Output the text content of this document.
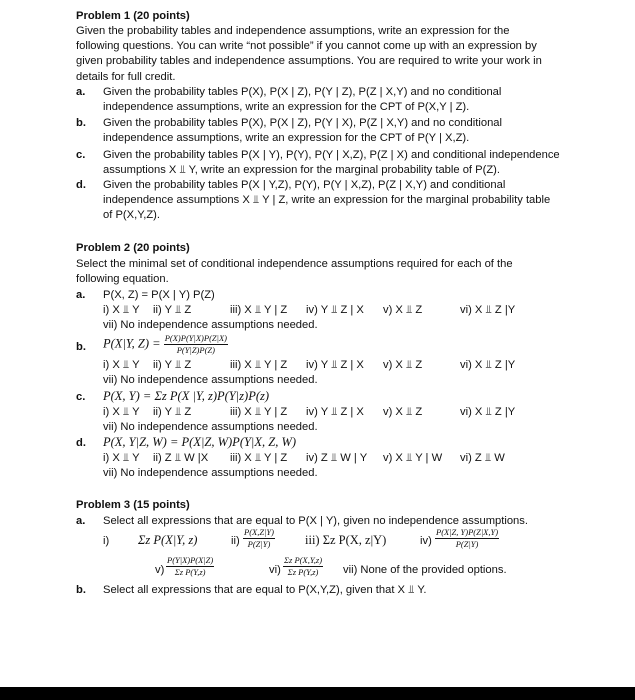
Problem 1 (20 points)
Given the probability tables and independence assumptions, write an expression for the
following questions. You can write “not possible” if you cannot come up with an expression by
given probability tables and independence assumptions. You are required to write your work in
details for full credit.
a. Given the probability tables P(X), P(X | Z), P(Y | Z), P(Z | X,Y) and no conditional
independence assumptions, write an expression for the CPT of P(X,Y | Z).
b. Given the probability tables P(X), P(X | Z), P(Y | X), P(Z | X,Y) and no conditional
independence assumptions, write an expression for the CPT of P(Y | X,Z).
c. Given the probability tables P(X | Y), P(Y), P(Y | X,Z), P(Z | X) and conditional independence
assumptions X ⫫ Y, write an expression for the marginal probability table of P(Z).
d. Given the probability tables P(X | Y,Z), P(Y), P(Y | X,Z), P(Z | X,Y) and conditional
independence assumptions X ⫫ Y | Z, write an expression for the marginal probability table
of P(X,Y,Z).
Problem 2 (20 points)
Select the minimal set of conditional independence assumptions required for each of the
following equation.
a. P(X, Z) = P(X | Y) P(Z)
i) X ⫫ Y ii) Y ⫫ Z	iii) X ⫫ Y | Z iv) Y ⫫ Z | X v) X ⫫ Z	vi) X ⫫ Z |Y
vii) No independence assumptions needed.
b. P(X|Y, $Z) = \frac{P(X)P(Y|X)P(Z|X)}{P(Y|Z)P(Z)}$
i) X ⫫ Y ii) Y ⫫ Z	iii) X ⫫ Y | Z iv) Y ⫫ Z | X v) X ⫫ Z	vi) X ⫫ Z |Y
vii) No independence assumptions needed.
c. P(X, Y) = Σz P(X |Y, z)P(Y|z)P(z)
i) X ⫫ Y ii) Y ⫫ Z	iii) X ⫫ Y | Z iv) Y ⫫ Z | X v) X ⫫ Z	vi) X ⫫ Z |Y
vii) No independence assumptions needed.
d. P(X, Y|Z, W) = P(X|Z, W)P(Y|X, Z, W)
i) X ⫫ Y ii) Z ⫫ W |X iii) X ⫫ Y | Z iv) Z ⫫ W | Y v) X ⫫ Y | W vi) Z ⫫ W
vii) No independence assumptions needed.
Problem 3 (15 points)
a. Select all expressions that are equal to P(X | Y), given no independence assumptions.
i) Σz P(X|Y, z)	$ii) \frac{P(X,Z|Y)}{P(Z|Y)} iii$) Σz P(X, z|Y)	$iv) \frac{P(X|Z, Y)P(Z|X,Y)}{P(Z|Y)}$
$v) \frac{P(Y|X)P(X|Z)}{\text{Σz P(Y,z)}}$	$vi) \frac{\text{Σz P(X,Y,z)}}{\text{Σz P(Y,z)}} vii$) None of the provided options.
b. Select all expressions that are equal to P(X,Y,Z), given that X ⫫ Y.
